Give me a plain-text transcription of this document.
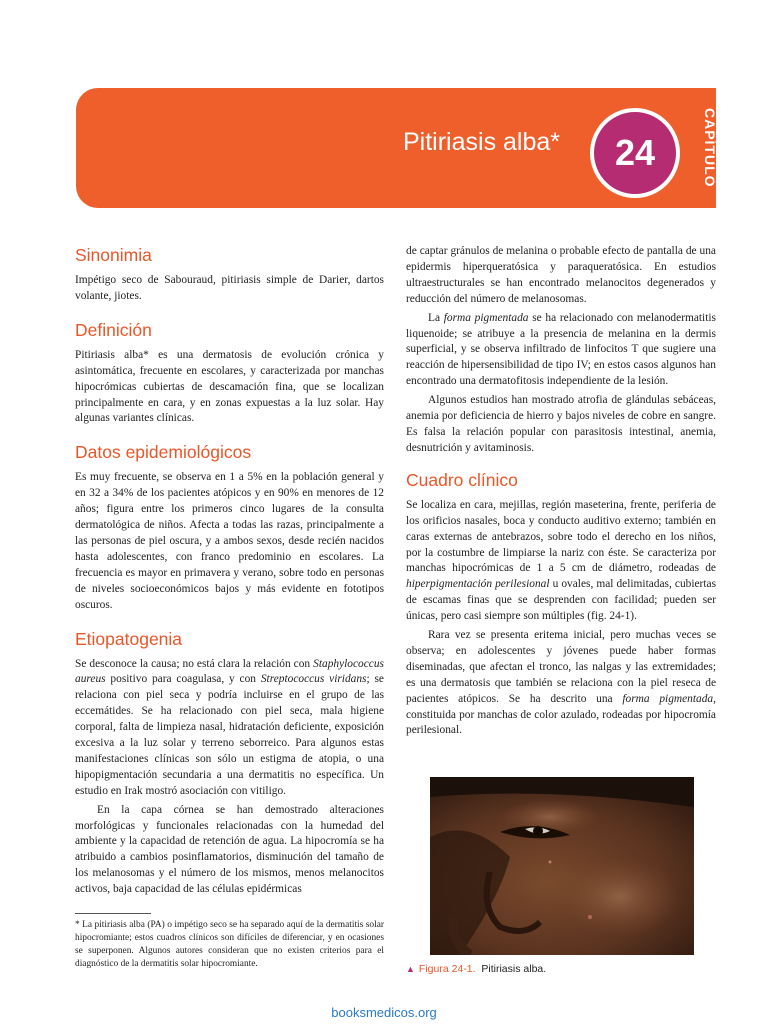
Pitiriasis alba*	24	CAPÍTULO
Sinonimia
Impétigo seco de Sabouraud, pitiriasis simple de Darier, dartos volante, jiotes.
Definición
Pitiriasis alba* es una dermatosis de evolución crónica y asintomática, frecuente en escolares, y caracterizada por manchas hipocrómicas cubiertas de descamación fina, que se localizan principalmente en cara, y en zonas expuestas a la luz solar. Hay algunas variantes clínicas.
Datos epidemiológicos
Es muy frecuente, se observa en 1 a 5% en la población general y en 32 a 34% de los pacientes atópicos y en 90% en menores de 12 años; figura entre los primeros cinco lugares de la consulta dermatológica de niños. Afecta a todas las razas, principalmente a las personas de piel oscura, y a ambos sexos, desde recién nacidos hasta adolescentes, con franco predominio en escolares. La frecuencia es mayor en primavera y verano, sobre todo en personas de niveles socioeconómicos bajos y más evidente en fototipos oscuros.
Etiopatogenia
Se desconoce la causa; no está clara la relación con Staphylococcus aureus positivo para coagulasa, y con Streptococcus viridans; se relaciona con piel seca y podría incluirse en el grupo de las eccemátides. Se ha relacionado con piel seca, mala higiene corporal, falta de limpieza nasal, hidratación deficiente, exposición excesiva a la luz solar y terreno seborreico. Para algunos estas manifestaciones clínicas son sólo un estigma de atopia, o una hipopigmentación secundaria a una dermatitis no específica. Un estudio en Irak mostró asociación con vitiligo.
En la capa córnea se han demostrado alteraciones morfológicas y funcionales relacionadas con la humedad del ambiente y la capacidad de retención de agua. La hipocromía se ha atribuido a cambios posinflamatorios, disminución del tamaño de los melanosomas y el número de los mismos, menos melanocitos activos, baja capacidad de las células epidérmicas
* La pitiriasis alba (PA) o impétigo seco se ha separado aquí de la dermatitis solar hipocromiante; estos cuadros clínicos son difíciles de diferenciar, y en ocasiones se superponen. Algunos autores consideran que no existen criterios para el diagnóstico de la dermatitis solar hipocromiante.
de captar gránulos de melanina o probable efecto de pantalla de una epidermis hiperqueratósica y paraqueratósica. En estudios ultraestructurales se han encontrado melanocitos degenerados y reducción del número de melanosomas.
La forma pigmentada se ha relacionado con melanodermatitis liquenoide; se atribuye a la presencia de melanina en la dermis superficial, y se observa infiltrado de linfocitos T que sugiere una reacción de hipersensibilidad de tipo IV; en estos casos algunos han encontrado una dermatofitosis independiente de la lesión.
Algunos estudios han mostrado atrofia de glándulas sebáceas, anemia por deficiencia de hierro y bajos niveles de cobre en sangre. Es falsa la relación popular con parasitosis intestinal, anemia, desnutrición y avitaminosis.
Cuadro clínico
Se localiza en cara, mejillas, región maseterina, frente, periferia de los orificios nasales, boca y conducto auditivo externo; también en caras externas de antebrazos, sobre todo el derecho en los niños, por la costumbre de limpiarse la nariz con éste. Se caracteriza por manchas hipocrómicas de 1 a 5 cm de diámetro, rodeadas de hiperpigmentación perilesional u ovales, mal delimitadas, cubiertas de escamas finas que se desprenden con facilidad; pueden ser únicas, pero casi siempre son múltiples (fig. 24-1).
Rara vez se presenta eritema inicial, pero muchas veces se observa; en adolescentes y jóvenes puede haber formas diseminadas, que afectan el tronco, las nalgas y las extremidades; es una dermatosis que también se relaciona con la piel reseca de pacientes atópicos. Se ha descrito una forma pigmentada, constituida por manchas de color azulado, rodeadas por hipocromía perilesional.
▲ Figura 24-1. Pitiriasis alba.
booksmedicos.org
